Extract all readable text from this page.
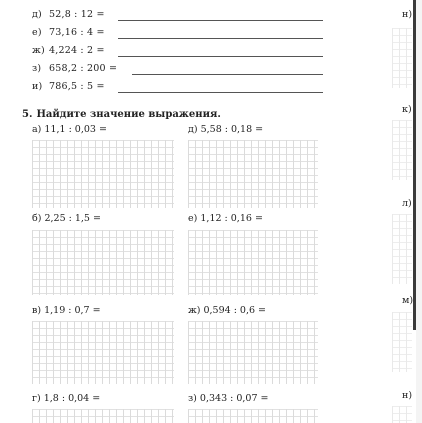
д) 52,8 : 12 =
е) 73,16 : 4 =
ж) 4,224 : 2 =
з) 658,2 : 200 =
и) 786,5 : 5 =
5. Найдите значение выражения.
а) 11,1 : 0,03 =	д) 5,58 : 0,18 =
б) 2,25 : 1,5 =	е) 1,12 : 0,16 =
в) 1,19 : 0,7 =	ж) 0,594 : 0,6 =
г) 1,8 : 0,04 =	з) 0,343 : 0,07 =
н)
к)
л)
м)
н)
